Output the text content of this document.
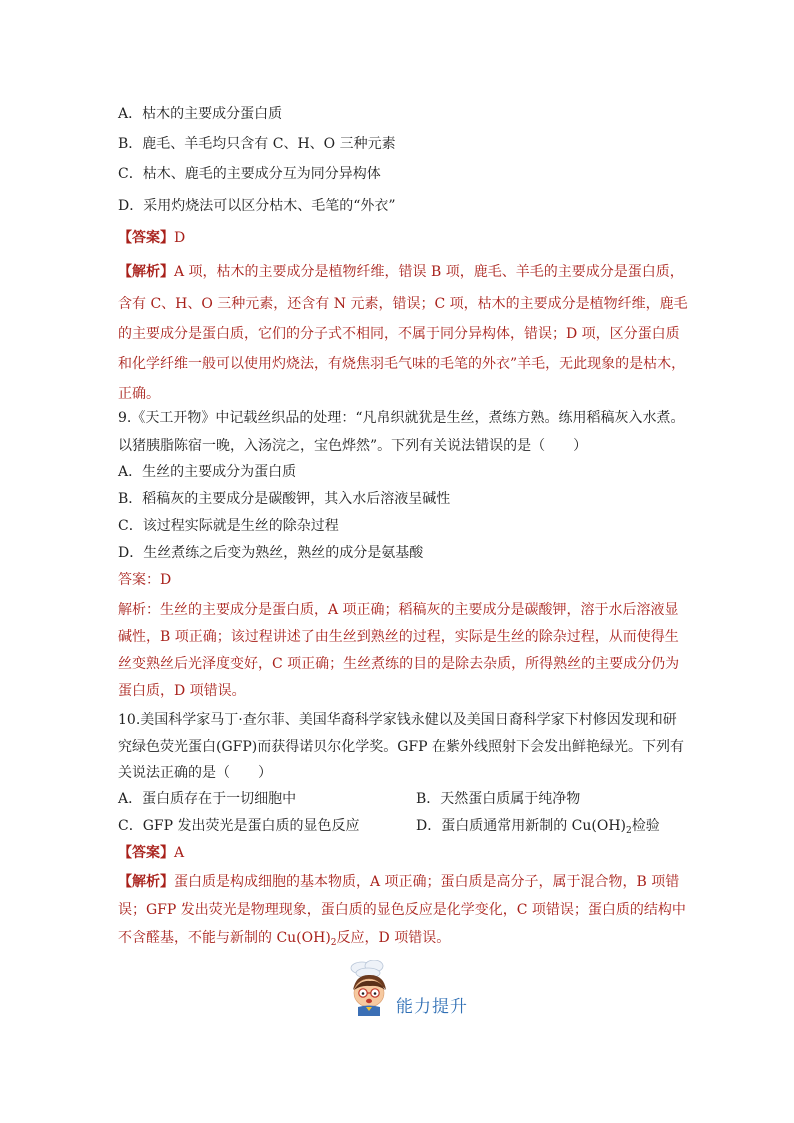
A．枯木的主要成分蛋白质
B．鹿毛、羊毛均只含有 C、H、O 三种元素
C．枯木、鹿毛的主要成分互为同分异构体
D．采用灼烧法可以区分枯木、毛笔的“外衣”
【答案】D
【解析】A 项，枯木的主要成分是植物纤维，错误 B 项，鹿毛、羊毛的主要成分是蛋白质，
含有 C、H、O 三种元素，还含有 N 元素，错误；C 项，枯木的主要成分是植物纤维，鹿毛
的主要成分是蛋白质，它们的分子式不相同，不属于同分异构体，错误；D 项，区分蛋白质
和化学纤维一般可以使用灼烧法，有烧焦羽毛气味的毛笔的外衣”羊毛，无此现象的是枯木，
正确。
9.《天工开物》中记载丝织品的处理：“凡帛织就犹是生丝，煮练方熟。练用稻稿灰入水煮。
以猪胰脂陈宿一晚，入汤浣之，宝色烨然”。下列有关说法错误的是（　　）
A．生丝的主要成分为蛋白质
B．稻稿灰的主要成分是碳酸钾，其入水后溶液呈碱性
C．该过程实际就是生丝的除杂过程
D．生丝煮练之后变为熟丝，熟丝的成分是氨基酸
答案：D
解析：生丝的主要成分是蛋白质，A 项正确；稻稿灰的主要成分是碳酸钾，溶于水后溶液显
碱性，B 项正确；该过程讲述了由生丝到熟丝的过程，实际是生丝的除杂过程，从而使得生
丝变熟丝后光泽度变好，C 项正确；生丝煮练的目的是除去杂质，所得熟丝的主要成分仍为
蛋白质，D 项错误。
10.美国科学家马丁·查尔菲、美国华裔科学家钱永健以及美国日裔科学家下村修因发现和研
究绿色荧光蛋白(GFP)而获得诺贝尔化学奖。GFP 在紫外线照射下会发出鲜艳绿光。下列有
关说法正确的是（　　）
A．蛋白质存在于一切细胞中	B．天然蛋白质属于纯净物
C．GFP 发出荧光是蛋白质的显色反应	D．蛋白质通常用新制的 $Cu(OH)_2$检验
【答案】A
【解析】蛋白质是构成细胞的基本物质，A 项正确；蛋白质是高分子，属于混合物，B 项错
误；GFP 发出荧光是物理现象，蛋白质的显色反应是化学变化，C 项错误；蛋白质的结构中
不含醛基，不能与新制的 $Cu(OH)_2$反应，D 项错误。
能力提升
